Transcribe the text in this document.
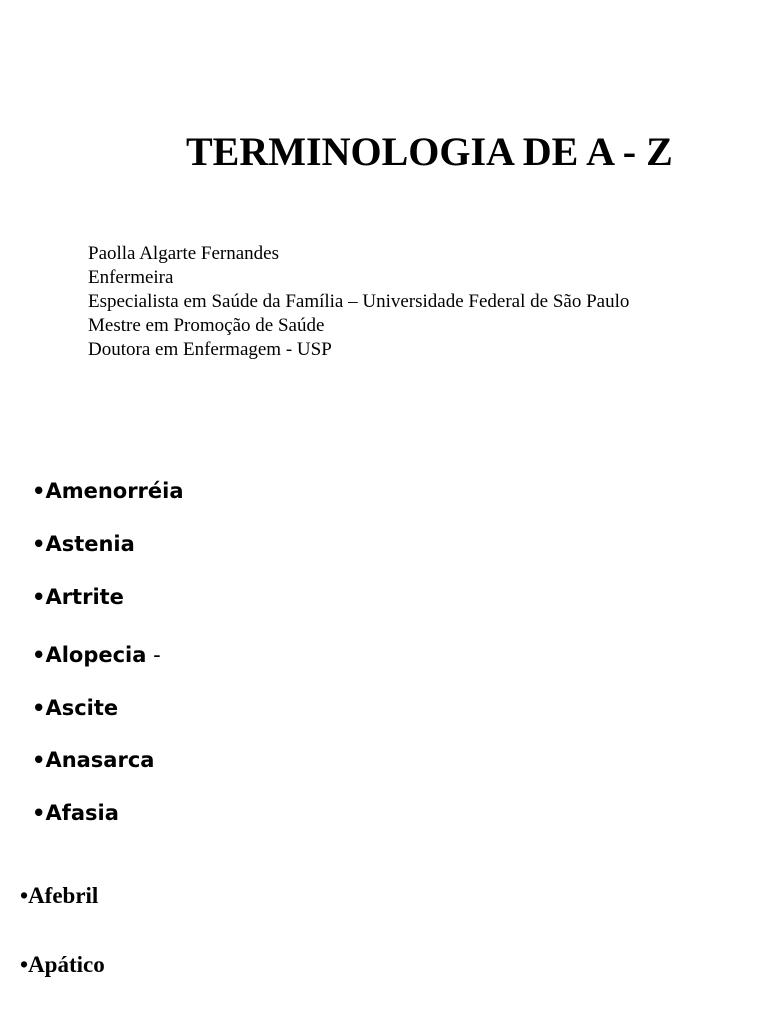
TERMINOLOGIA DE A - Z
Paolla Algarte Fernandes
Enfermeira
Especialista em Saúde da Família – Universidade Federal de São Paulo
Mestre em Promoção de Saúde
Doutora em Enfermagem - USP

•Amenorréia

•Astenia

•Artrite

•Alopecia -

•Ascite

•Anasarca

•Afasia

•Afebril

•Apático
